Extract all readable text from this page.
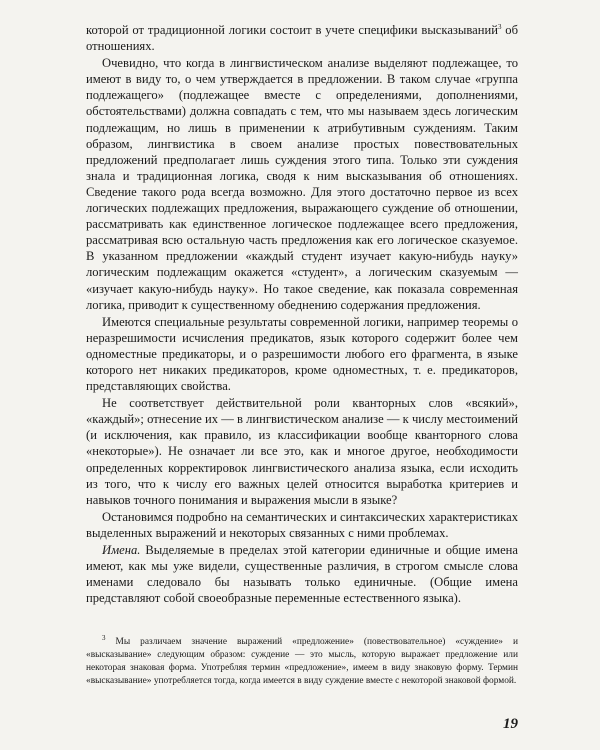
которой от традиционной логики состоит в учете специфики высказываний$^3$ об отношениях.

Очевидно, что когда в лингвистическом анализе выделяют подлежащее, то имеют в виду то, о чем утверждается в предложении. В таком случае «группа подлежащего» (подлежащее вместе с определениями, дополнениями, обстоятельствами) должна совпадать с тем, что мы называем здесь логическим подлежащим, но лишь в применении к атрибутивным суждениям. Таким образом, лингвистика в своем анализе простых повествовательных предложений предполагает лишь суждения этого типа. Только эти суждения знала и традиционная логика, сводя к ним высказывания об отношениях. Сведение такого рода всегда возможно. Для этого достаточно первое из всех логических подлежащих предложения, выражающего суждение об отношении, рассматривать как единственное логическое подлежащее всего предложения, рассматривая всю остальную часть предложения как его логическое сказуемое. В указанном предложении «каждый студент изучает какую-нибудь науку» логическим подлежащим окажется «студент», а логическим сказуемым — «изучает какую-нибудь науку». Но такое сведение, как показала современная логика, приводит к существенному обеднению содержания предложения.

Имеются специальные результаты современной логики, например теоремы о неразрешимости исчисления предикатов, язык которого содержит более чем одноместные предикаторы, и о разрешимости любого его фрагмента, в языке которого нет никаких предикаторов, кроме одноместных, т. е. предикаторов, представляющих свойства.

Не соответствует действительной роли кванторных слов «всякий», «каждый»; отнесение их — в лингвистическом анализе — к числу местоимений (и исключения, как правило, из классификации вообще кванторного слова «некоторые»). Не означает ли все это, как и многое другое, необходимости определенных корректировок лингвистического анализа языка, если исходить из того, что к числу его важных целей относится выработка критериев и навыков точного понимания и выражения мысли в языке?

Остановимся подробно на семантических и синтаксических характеристиках выделенных выражений и некоторых связанных с ними проблемах.

Имена. Выделяемые в пределах этой категории единичные и общие имена имеют, как мы уже видели, существенные различия, в строгом смысле слова именами следовало бы называть только единичные. (Общие имена представляют собой своеобразные переменные естественного языка).

$^3$ Мы различаем значение выражений «предложение» (повествовательное) «суждение» и «высказывание» следующим образом: суждение — это мысль, которую выражает предложение или некоторая знаковая форма. Употребляя термин «предложение», имеем в виду знаковую форму. Термин «высказывание» употребляется тогда, когда имеется в виду суждение вместе с некоторой знаковой формой.

19
